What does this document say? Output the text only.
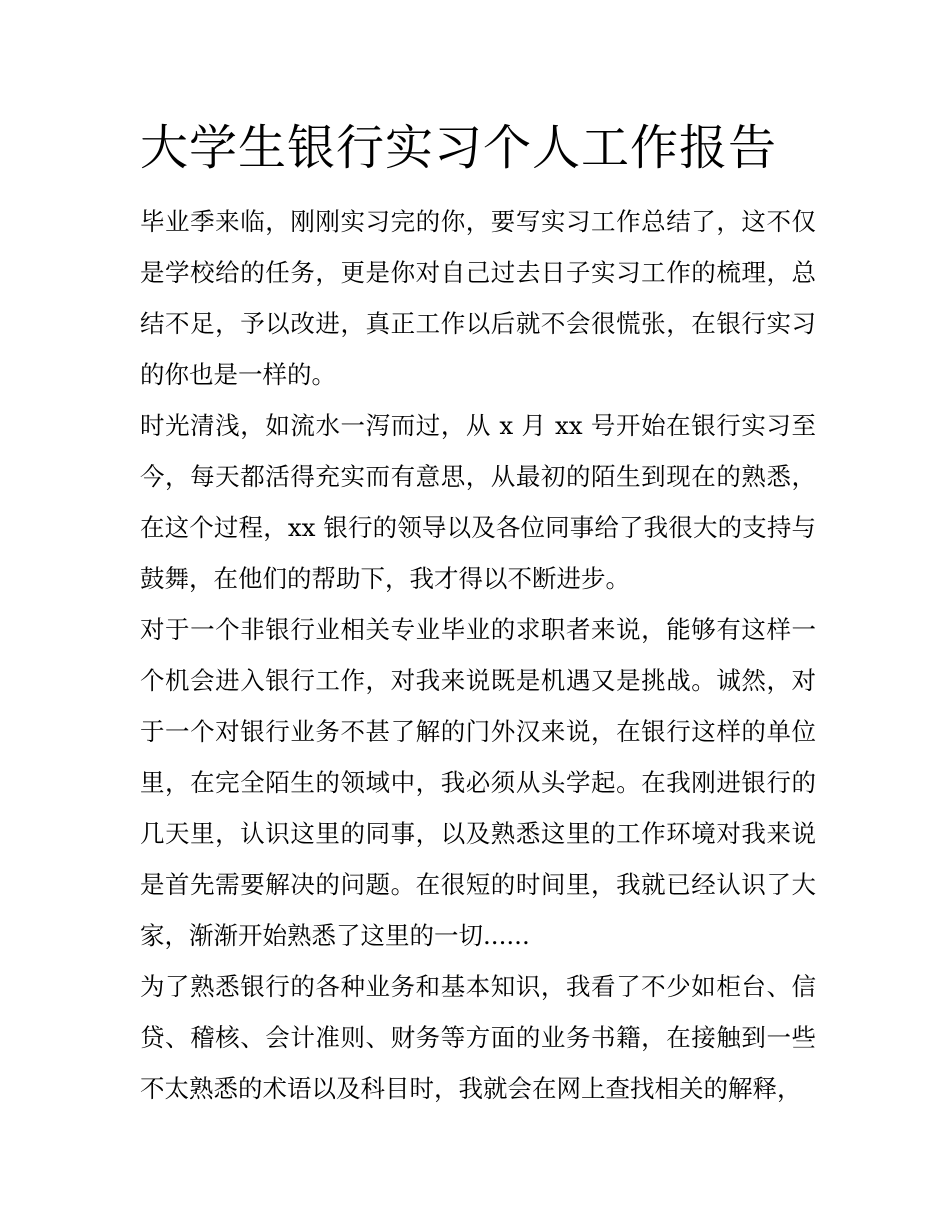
大学生银行实习个人工作报告

毕业季来临，刚刚实习完的你，要写实习工作总结了，这不仅是学校给的任务，更是你对自己过去日子实习工作的梳理，总结不足，予以改进，真正工作以后就不会很慌张，在银行实习的你也是一样的。

时光清浅，如流水一泻而过，从 x 月 xx 号开始在银行实习至今，每天都活得充实而有意思，从最初的陌生到现在的熟悉，在这个过程，xx 银行的领导以及各位同事给了我很大的支持与鼓舞，在他们的帮助下，我才得以不断进步。

对于一个非银行业相关专业毕业的求职者来说，能够有这样一个机会进入银行工作，对我来说既是机遇又是挑战。诚然，对于一个对银行业务不甚了解的门外汉来说，在银行这样的单位里，在完全陌生的领域中，我必须从头学起。在我刚进银行的几天里，认识这里的同事，以及熟悉这里的工作环境对我来说是首先需要解决的问题。在很短的时间里，我就已经认识了大家，渐渐开始熟悉了这里的一切......

为了熟悉银行的各种业务和基本知识，我看了不少如柜台、信贷、稽核、会计准则、财务等方面的业务书籍，在接触到一些不太熟悉的术语以及科目时，我就会在网上查找相关的解释，
